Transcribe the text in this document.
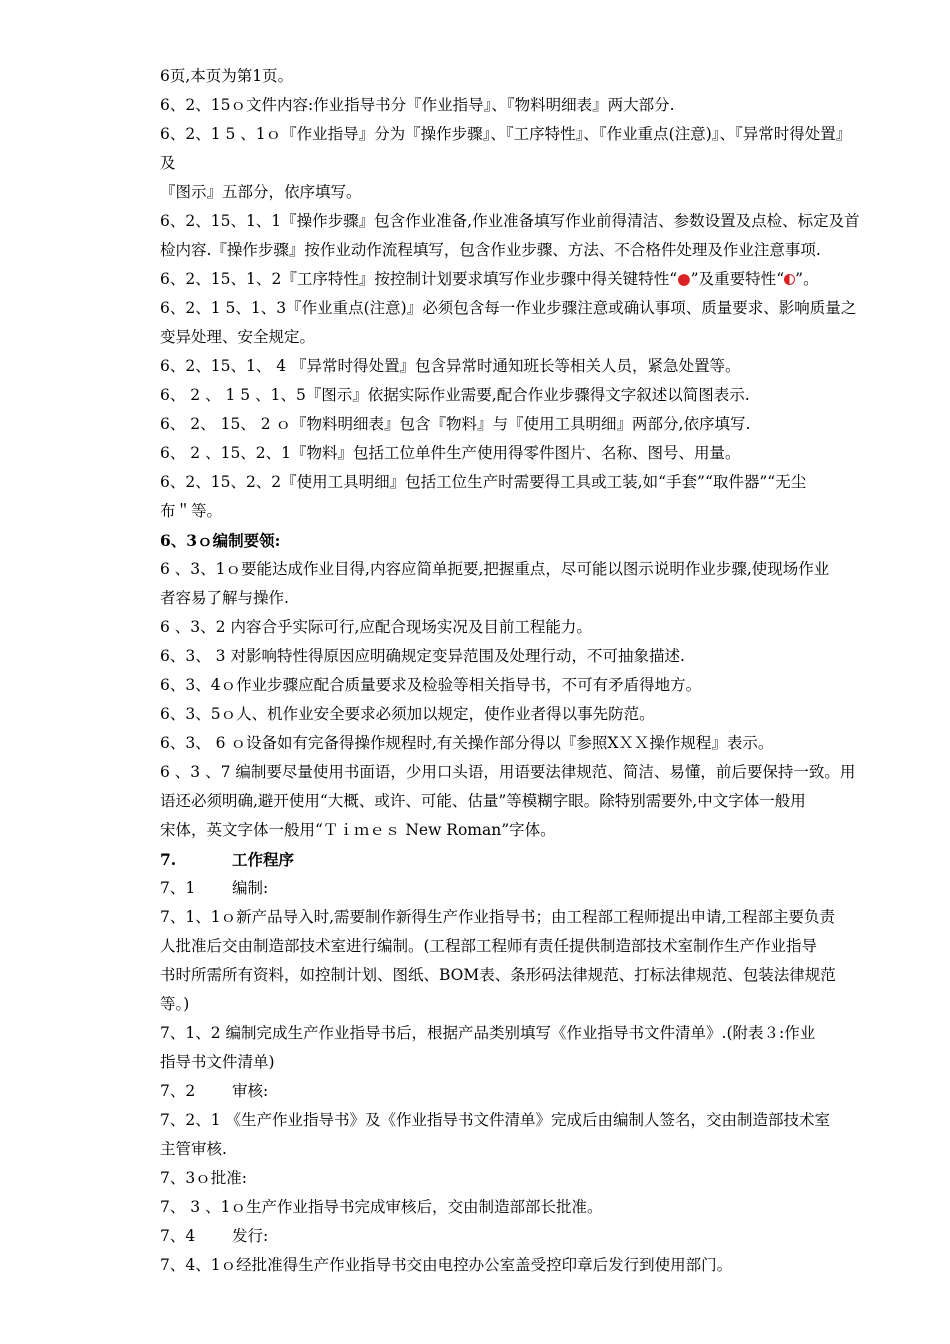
6页,本页为第1页。

6、2、15ｏ文件内容:作业指导书分『作业指导』、『物料明细表』两大部分.

6、2、1 5 、1ｏ『作业指导』分为『操作步骤』、『工序特性』、『作业重点(注意)』、『异常时得处置』及

『图示』五部分，依序填写。

6、2、15、1、1『操作步骤』包含作业准备,作业准备填写作业前得清洁、参数设置及点检、标定及首

检内容.『操作步骤』按作业动作流程填写，包含作业步骤、方法、不合格件处理及作业注意事项.

6、2、15、1、2『工序特性』按控制计划要求填写作业步骤中得关键特性“●”及重要特性“ ”。

6、2、1 5、1、3『作业重点(注意)』必须包含每一作业步骤注意或确认事项、质量要求、影响质量之

变异处理、安全规定。

6、2、15、1、 4 『异常时得处置』包含异常时通知班长等相关人员，紧急处置等。

6、 2 、 1 5 、1、5『图示』依据实际作业需要,配合作业步骤得文字叙述以简图表示.

6、 2、 15、 2 ｏ『物料明细表』包含『物料』与『使用工具明细』两部分,依序填写.

6、 2 、15、2、1『物料』包括工位单件生产使用得零件图片、名称、图号、用量。

6、2、15、2、2『使用工具明细』包括工位生产时需要得工具或工装,如“手套”“取件器”“无尘

布＂等。

6、3ｏ编制要领:

6 、3、1ｏ要能达成作业目得,内容应简单扼要,把握重点，尽可能以图示说明作业步骤,使现场作业

者容易了解与操作.

6 、3、2 内容合乎实际可行,应配合现场实况及目前工程能力。

6、3、 3 对影响特性得原因应明确规定变异范围及处理行动，不可抽象描述.

6、3、4ｏ作业步骤应配合质量要求及检验等相关指导书，不可有矛盾得地方。

6、3、5ｏ人、机作业安全要求必须加以规定，使作业者得以事先防范。

6、3、 6 ｏ设备如有完备得操作规程时,有关操作部分得以『参照XＸＸ操作规程』表示。

6 、3 、7 编制要尽量使用书面语，少用口头语，用语要法律规范、简洁、易懂，前后要保持一致。用

语还必须明确,避开使用“大概、或许、可能、估量”等模糊字眼。除特别需要外,中文字体一般用

宋体，英文字体一般用“Ｔｉｍｅｓ New Roman”字体。

7.	工作程序

7、1 编制:

7、1、1ｏ新产品导入时,需要制作新得生产作业指导书；由工程部工程师提出申请,工程部主要负责

人批准后交由制造部技术室进行编制。(工程部工程师有责任提供制造部技术室制作生产作业指导

书时所需所有资料，如控制计划、图纸、BOM表、条形码法律规范、打标法律规范、包装法律规范

等。)

7、1、2 编制完成生产作业指导书后，根据产品类别填写《作业指导书文件清单》.(附表３:作业

指导书文件清单)

7、2 审核:

7、2、1 《生产作业指导书》及《作业指导书文件清单》完成后由编制人签名，交由制造部技术室

主管审核.

7、3ｏ批准:

7、 3 、1ｏ生产作业指导书完成审核后，交由制造部部长批准。

7、4 发行:

7、4、1ｏ经批准得生产作业指导书交由电控办公室盖受控印章后发行到使用部门。
